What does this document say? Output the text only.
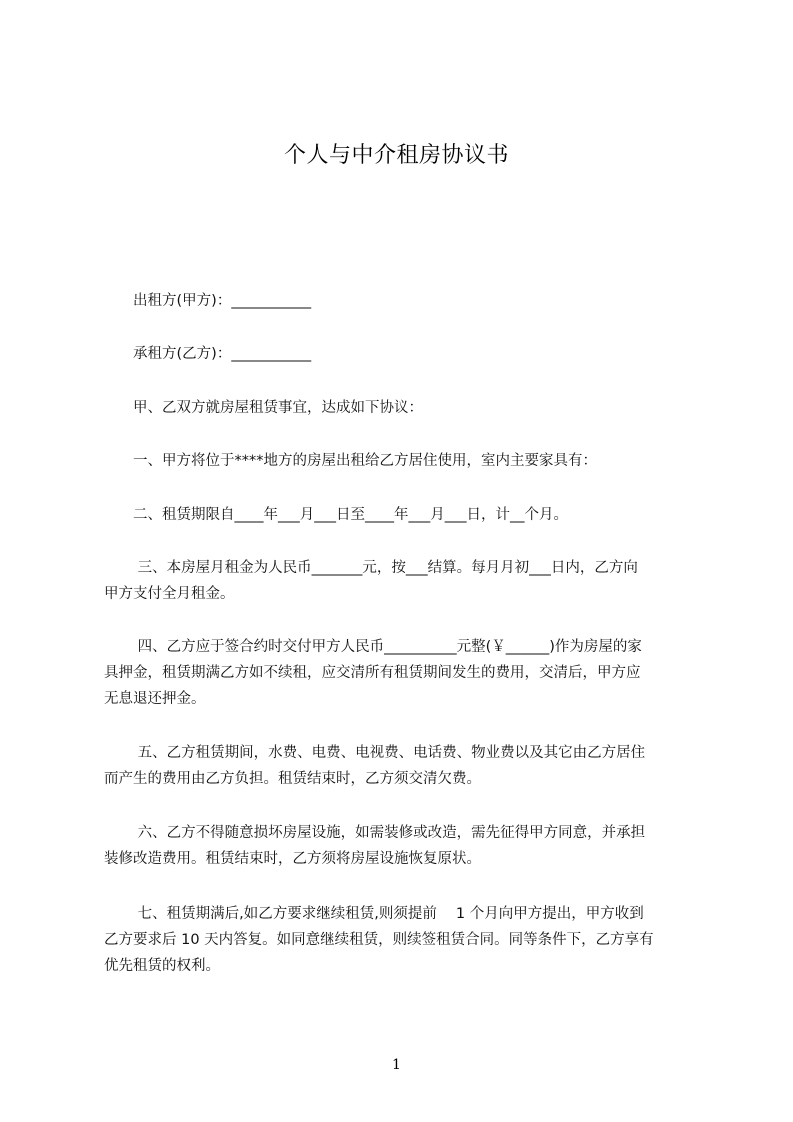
个人与中介租房协议书
　　出租方(甲方)：___________
　　承租方(乙方)：___________
　　甲、乙双方就房屋租赁事宜，达成如下协议：
　　一、甲方将位于****地方的房屋出租给乙方居住使用，室内主要家具有：
　　二、租赁期限自____年___月___日至____年___月___日，计__个月。
　　 三、本房屋月租金为人民币_______元，按___结算。每月月初___日内，乙方向
甲方支付全月租金。
　　 四、乙方应于签合约时交付甲方人民币__________元整(￥______)作为房屋的家
具押金，租赁期满乙方如不续租，应交清所有租赁期间发生的费用，交清后，甲方应
无息退还押金。
　　 五、乙方租赁期间，水费、电费、电视费、电话费、物业费以及其它由乙方居住
而产生的费用由乙方负担。租赁结束时，乙方须交清欠费。
　　 六、乙方不得随意损坏房屋设施，如需装修或改造，需先征得甲方同意，并承担
装修改造费用。租赁结束时，乙方须将房屋设施恢复原状。
　　 七、租赁期满后,如乙方要求继续租赁,则须提前　 1 个月向甲方提出，甲方收到
乙方要求后 10 天内答复。如同意继续租赁，则续签租赁合同。同等条件下，乙方享有
优先租赁的权利。
1
